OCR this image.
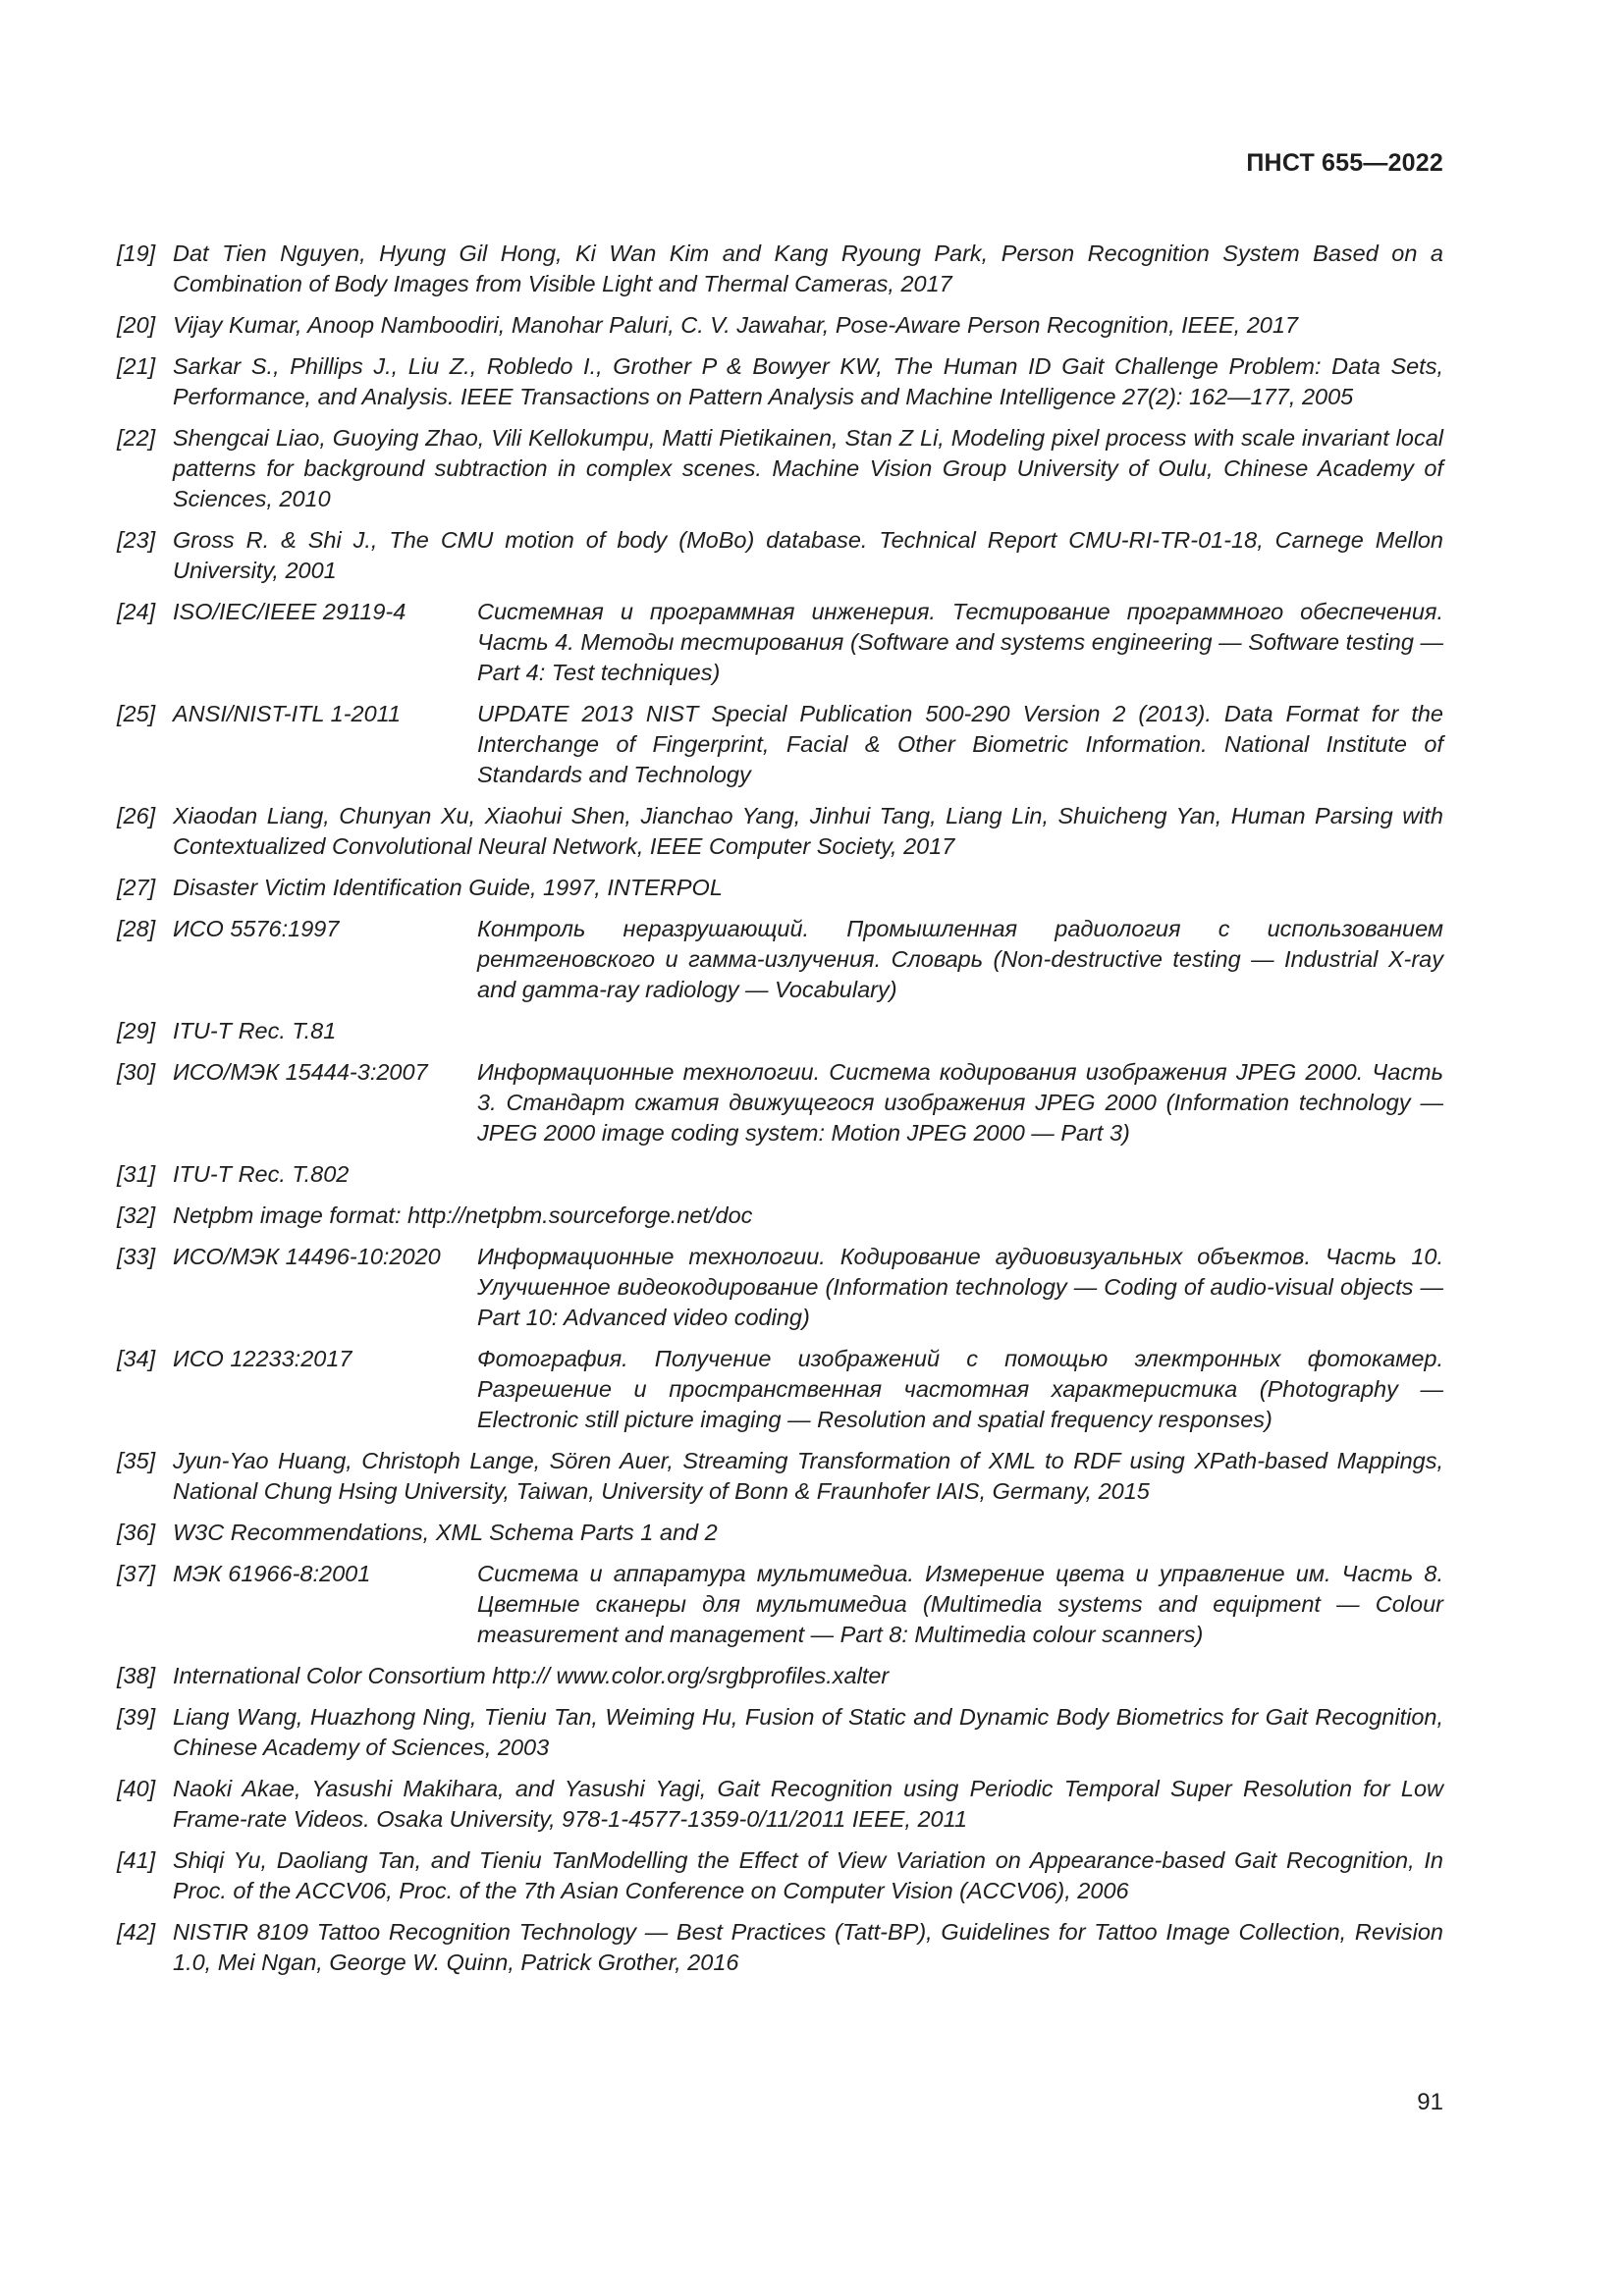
ПНСТ 655—2022
[19] Dat Tien Nguyen, Hyung Gil Hong, Ki Wan Kim and Kang Ryoung Park, Person Recognition System Based on a Combination of Body Images from Visible Light and Thermal Cameras, 2017
[20] Vijay Kumar, Anoop Namboodiri, Manohar Paluri, C. V. Jawahar, Pose-Aware Person Recognition, IEEE, 2017
[21] Sarkar S., Phillips J., Liu Z., Robledo I., Grother P & Bowyer KW, The Human ID Gait Challenge Problem: Data Sets, Performance, and Analysis. IEEE Transactions on Pattern Analysis and Machine Intelligence 27(2): 162—177, 2005
[22] Shengcai Liao, Guoying Zhao, Vili Kellokumpu, Matti Pietikainen, Stan Z Li, Modeling pixel process with scale invariant local patterns for background subtraction in complex scenes. Machine Vision Group University of Oulu, Chinese Academy of Sciences, 2010
[23] Gross R. & Shi J., The CMU motion of body (MoBo) database. Technical Report CMU-RI-TR-01-18, Carnege Mellon University, 2001
[24] ISO/IEC/IEEE 29119-4	Системная и программная инженерия. Тестирование программного обеспечения. Часть 4. Методы тестирования (Software and systems engineering — Software testing — Part 4: Test techniques)
[25] ANSI/NIST-ITL 1-2011	UPDATE 2013 NIST Special Publication 500-290 Version 2 (2013). Data Format for the Interchange of Fingerprint, Facial & Other Biometric Information. National Institute of Standards and Technology
[26] Xiaodan Liang, Chunyan Xu, Xiaohui Shen, Jianchao Yang, Jinhui Tang, Liang Lin, Shuicheng Yan, Human Parsing with Contextualized Convolutional Neural Network, IEEE Computer Society, 2017
[27] Disaster Victim Identification Guide, 1997, INTERPOL
[28] ИСО 5576:1997	Контроль неразрушающий. Промышленная радиология с использованием рентгеновского и гамма-излучения. Словарь (Non-destructive testing — Industrial X-ray and gamma-ray radiology — Vocabulary)
[29] ITU-T Rec. T.81
[30] ИСО/МЭК 15444-3:2007	Информационные технологии. Система кодирования изображения JPEG 2000. Часть 3. Стандарт сжатия движущегося изображения JPEG 2000 (Information technology — JPEG 2000 image coding system: Motion JPEG 2000 — Part 3)
[31] ITU-T Rec. T.802
[32] Netpbm image format: http://netpbm.sourceforge.net/doc
[33] ИСО/МЭК 14496-10:2020	Информационные технологии. Кодирование аудиовизуальных объектов. Часть 10. Улучшенное видеокодирование (Information technology — Coding of audio-visual objects — Part 10: Advanced video coding)
[34] ИСО 12233:2017	Фотография. Получение изображений с помощью электронных фотокамер. Разрешение и пространственная частотная характеристика (Photography — Electronic still picture imaging — Resolution and spatial frequency responses)
[35] Jyun-Yao Huang, Christoph Lange, Sören Auer, Streaming Transformation of XML to RDF using XPath-based Mappings, National Chung Hsing University, Taiwan, University of Bonn & Fraunhofer IAIS, Germany, 2015
[36] W3C Recommendations, XML Schema Parts 1 and 2
[37] МЭК 61966-8:2001	Система и аппаратура мультимедиа. Измерение цвета и управление им. Часть 8. Цветные сканеры для мультимедиа (Multimedia systems and equipment — Colour measurement and management — Part 8: Multimedia colour scanners)
[38] International Color Consortium http:// www.color.org/srgbprofiles.xalter
[39] Liang Wang, Huazhong Ning, Tieniu Tan, Weiming Hu, Fusion of Static and Dynamic Body Biometrics for Gait Recognition, Chinese Academy of Sciences, 2003
[40] Naoki Akae, Yasushi Makihara, and Yasushi Yagi, Gait Recognition using Periodic Temporal Super Resolution for Low Frame-rate Videos. Osaka University, 978-1-4577-1359-0/11/2011 IEEE, 2011
[41] Shiqi Yu, Daoliang Tan, and Tieniu TanModelling the Effect of View Variation on Appearance-based Gait Recognition, In Proc. of the ACCV06, Proc. of the 7th Asian Conference on Computer Vision (ACCV06), 2006
[42] NISTIR 8109 Tattoo Recognition Technology — Best Practices (Tatt-BP), Guidelines for Tattoo Image Collection, Revision 1.0, Mei Ngan, George W. Quinn, Patrick Grother, 2016
91
